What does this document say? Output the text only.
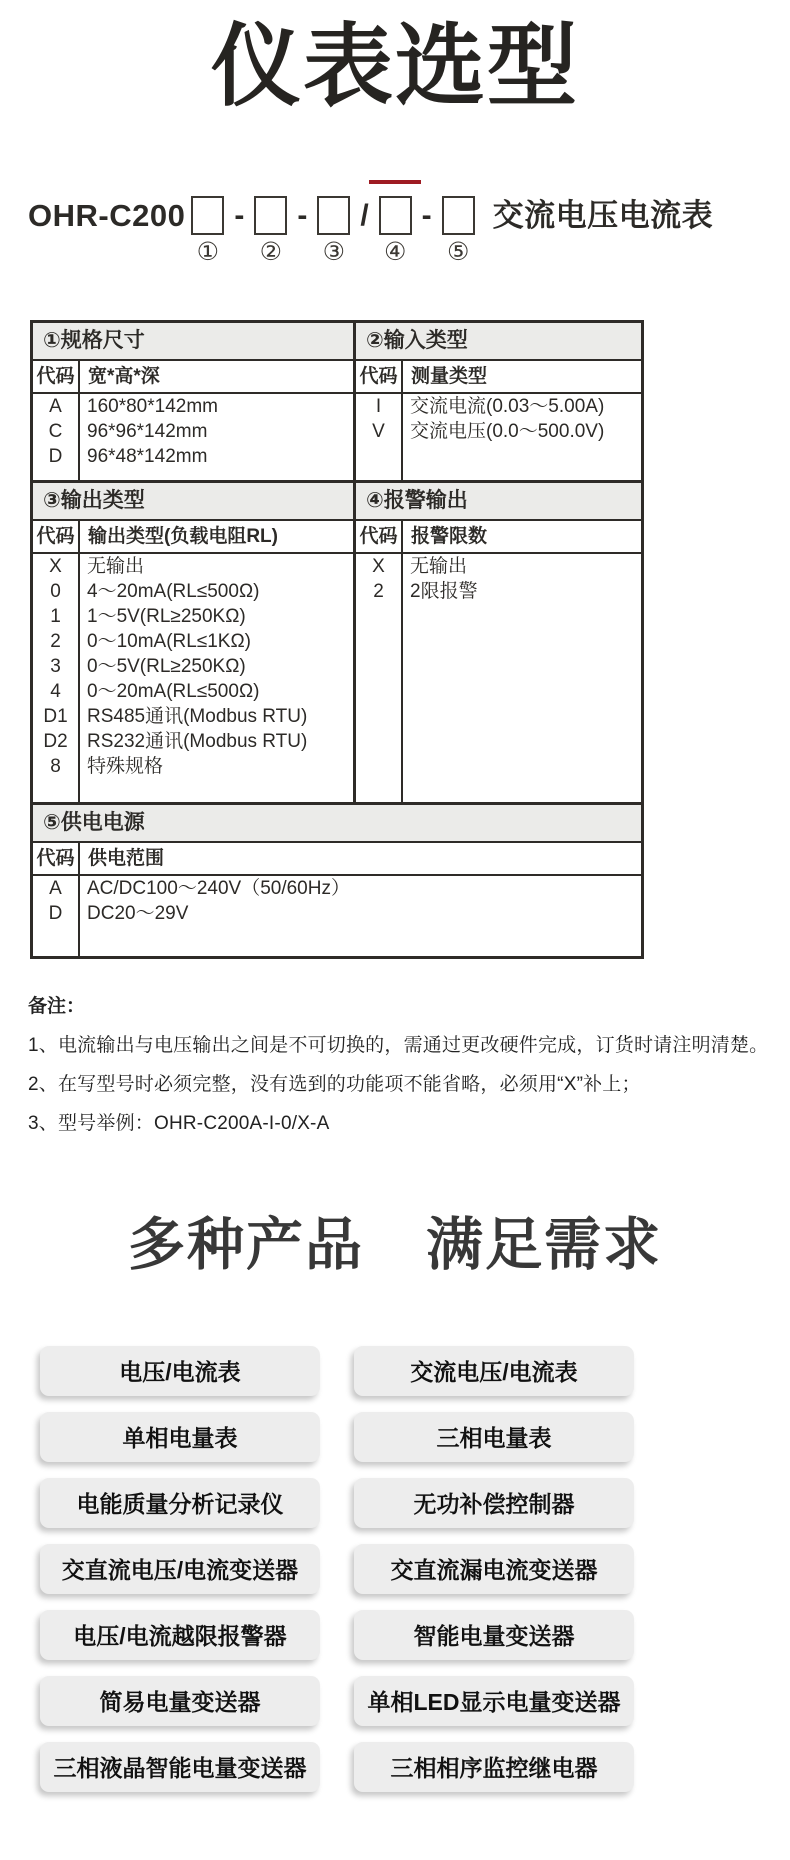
仪表选型
OHR-C200
①
-
②
-
③
/
④
-
⑤
交流电压电流表
①规格尺寸
代码 宽*高*深
A	160*80*142mm
C	96*96*142mm
D	96*48*142mm
②输入类型
代码 测量类型
I	交流电流(0.03～5.00A)
V	交流电压(0.0～500.0V)
③输出类型
代码 输出类型(负载电阻RL)
X	无输出
0	4～20mA(RL≤500Ω)
1	1～5V(RL≥250KΩ)
2	0～10mA(RL≤1KΩ)
3	0～5V(RL≥250KΩ)
4	0～20mA(RL≤500Ω)
D1	RS485通讯(Modbus RTU)
D2	RS232通讯(Modbus RTU)
8	特殊规格
④报警输出
代码 报警限数
X	无输出
2	2限报警
⑤供电电源
代码 供电范围
A	AC/DC100～240V（50/60Hz）
D	DC20～29V
备注：
1、电流输出与电压输出之间是不可切换的，需通过更改硬件完成，订货时请注明清楚。
2、在写型号时必须完整，没有选到的功能项不能省略，必须用“X”补上；
3、型号举例：OHR-C200A-I-0/X-A
多种产品 满足需求
电压/电流表	交流电压/电流表
单相电量表	三相电量表
电能质量分析记录仪	无功补偿控制器
交直流电压/电流变送器	交直流漏电流变送器
电压/电流越限报警器	智能电量变送器
简易电量变送器	单相LED显示电量变送器
三相液晶智能电量变送器	三相相序监控继电器
